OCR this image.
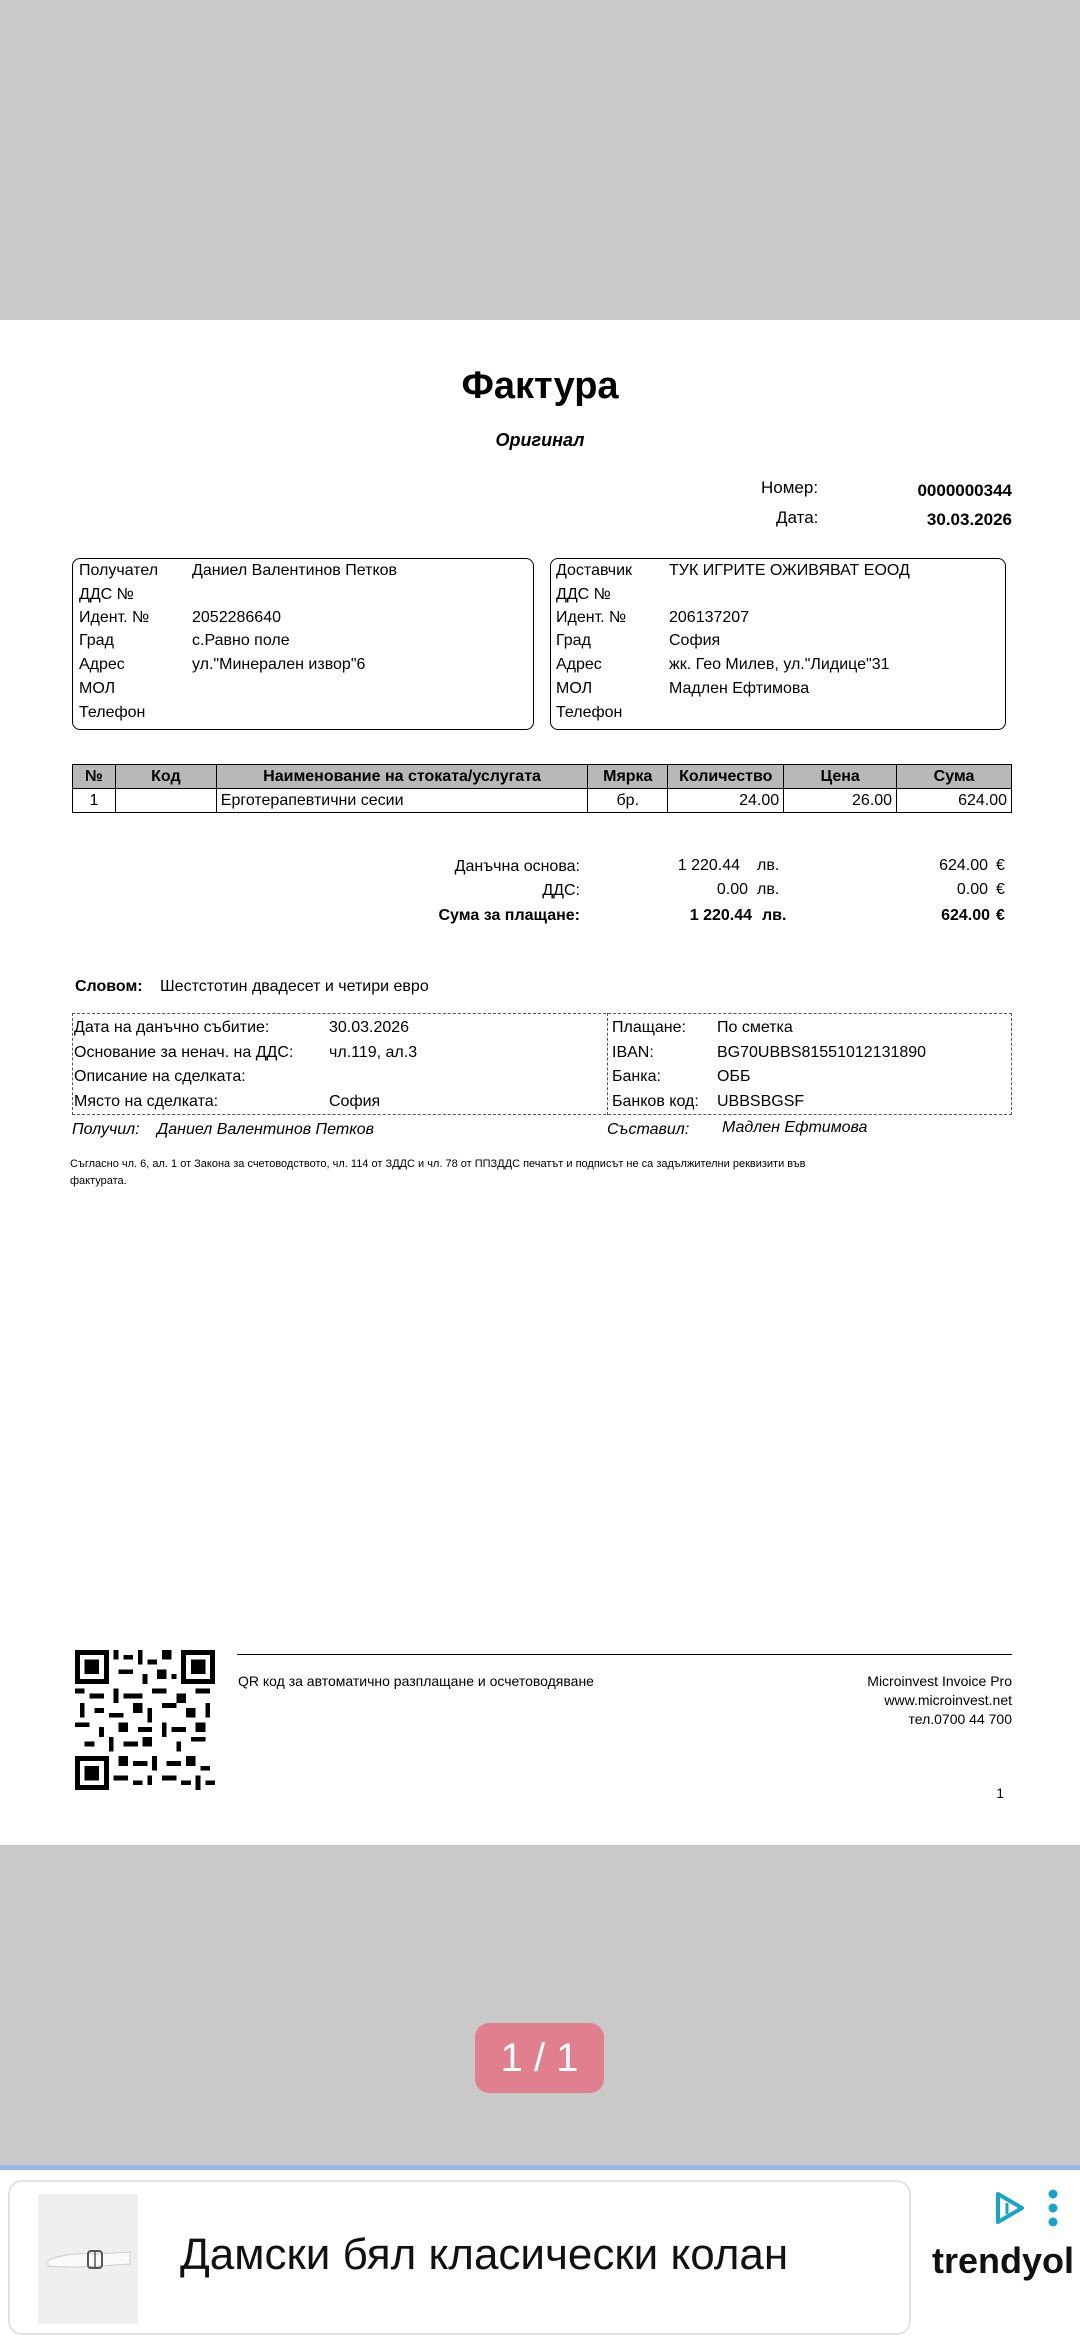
Фактура
Оригинал
Номер:	0000000344
Дата:	30.03.2026
Получател Даниел Валентинов Петков
ДДС №
Идент. №	2052286640
Град	с.Равно поле
Адрес	ул."Минерален извор"6
МОЛ
Телефон
Доставчик ТУК ИГРИТЕ ОЖИВЯВАТ ЕООД
ДДС №
Идент. №	206137207
Град	София
Адрес	жк. Гео Милев, ул."Лидице"31
МОЛ	Мадлен Ефтимова
Телефон
№	Код	Наименование на стоката/услугата	Мярка	Количество	Цена	Сума
1		Ерготерапевтични сесии	бр.	24.00	26.00	624.00
Данъчна основа:	1 220.44 лв.	624.00 €
ДДС:	0.00 лв.	0.00 €
Сума за плащане:	1 220.44 лв.	624.00 €
Словом: Шестстотин двадесет и четири евро
Дата на данъчно събитие:	30.03.2026
Основание за ненач. на ДДС: чл.119, ал.3
Описание на сделката:
Място на сделката:	София
Плащане: По сметка
IBAN:	BG70UBBS81551012131890
Банка:	ОББ
Банков код: UBBSBGSF
Получил: Даниел Валентинов Петков	Съставил: Мадлен Ефтимова
Съгласно чл. 6, ал. 1 от Закона за счетоводството, чл. 114 от ЗДДС и чл. 78 от ППЗДДС печатът и подписът не са задължителни реквизити във
фактурата.
QR код за автоматично разплащане и осчетоводяване	Microinvest Invoice Pro
www.microinvest.net
тел.0700 44 700
1
1 / 1
Дамски бял класически колан	trendyol
